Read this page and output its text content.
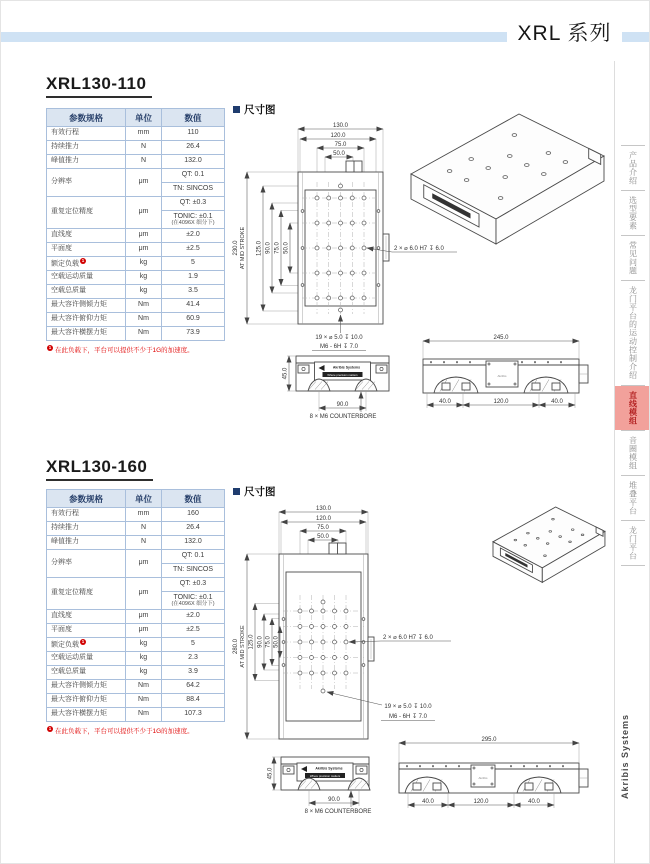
XRL 系列
XRL130-110
参数规格	单位	数值
有效行程	mm	110
持续推力	N	26.4
峰值推力	N	132.0
分辨率	μm	QT: 0.1
		TN: SINCOS
重复定位精度	μm	QT: ±0.3
		TONIC: ±0.1
(在4096X 细分下)

直线度	μm	±2.0
平面度	μm	±2.5
额定负载 1	kg	5
空载运动质量	kg	1.9
空载总质量	kg	3.5
最大容许侧倾力矩	Nm	41.4
最大容许俯仰力矩	Nm	60.9
最大容许横摆力矩	Nm	73.9
1 在此负载下，平台可以提供不少于1G的加速度。
尺寸图
130.0
120.0
75.0
50.0
230.0 AT MID STROKE 125.0 90.0 75.0 50.0	2 × ⌀ 6.0 H7 ↧ 6.0
19 × ⌀ 5.0 ↧ 10.0
M6 - 6H ↧ 7.0
Akribis Systems
Where precision matters
45.0
90.0
8 × M6 COUNTERBORE
Akribis
245.0
40.0	120.0	40.0
XRL130-160
参数规格	单位	数值
有效行程	mm	160
持续推力	N	26.4
峰值推力	N	132.0
分辨率	μm	QT: 0.1
		TN: SINCOS
重复定位精度	μm	QT: ±0.3
		TONIC: ±0.1
(在4096X 细分下)

直线度	μm	±2.0
平面度	μm	±2.5
额定负载 1	kg	5
空载运动质量	kg	2.3
空载总质量	kg	3.9
最大容许侧倾力矩	Nm	64.2
最大容许俯仰力矩	Nm	88.4
最大容许横摆力矩	Nm	107.3
1 在此负载下，平台可以提供不少于1G的加速度。
尺寸图
130.0
120.0
75.0
50.0
280.0 AT MID STROKE 125.0 90.0 75.0 50.0	2 × ⌀ 6.0 H7 ↧ 6.0
19 × ⌀ 5.0 ↧ 10.0
M6 - 6H ↧ 7.0
Akribis Systems
Where precision matters
45.0
90.0
8 × M6 COUNTERBORE
Akribis
295.0
40.0	120.0	40.0
产品介绍
选型要素
常见问题
龙门平台的运动控制介绍
直线模组
音圈模组
堆叠平台
龙门平台
Akribis Systems
